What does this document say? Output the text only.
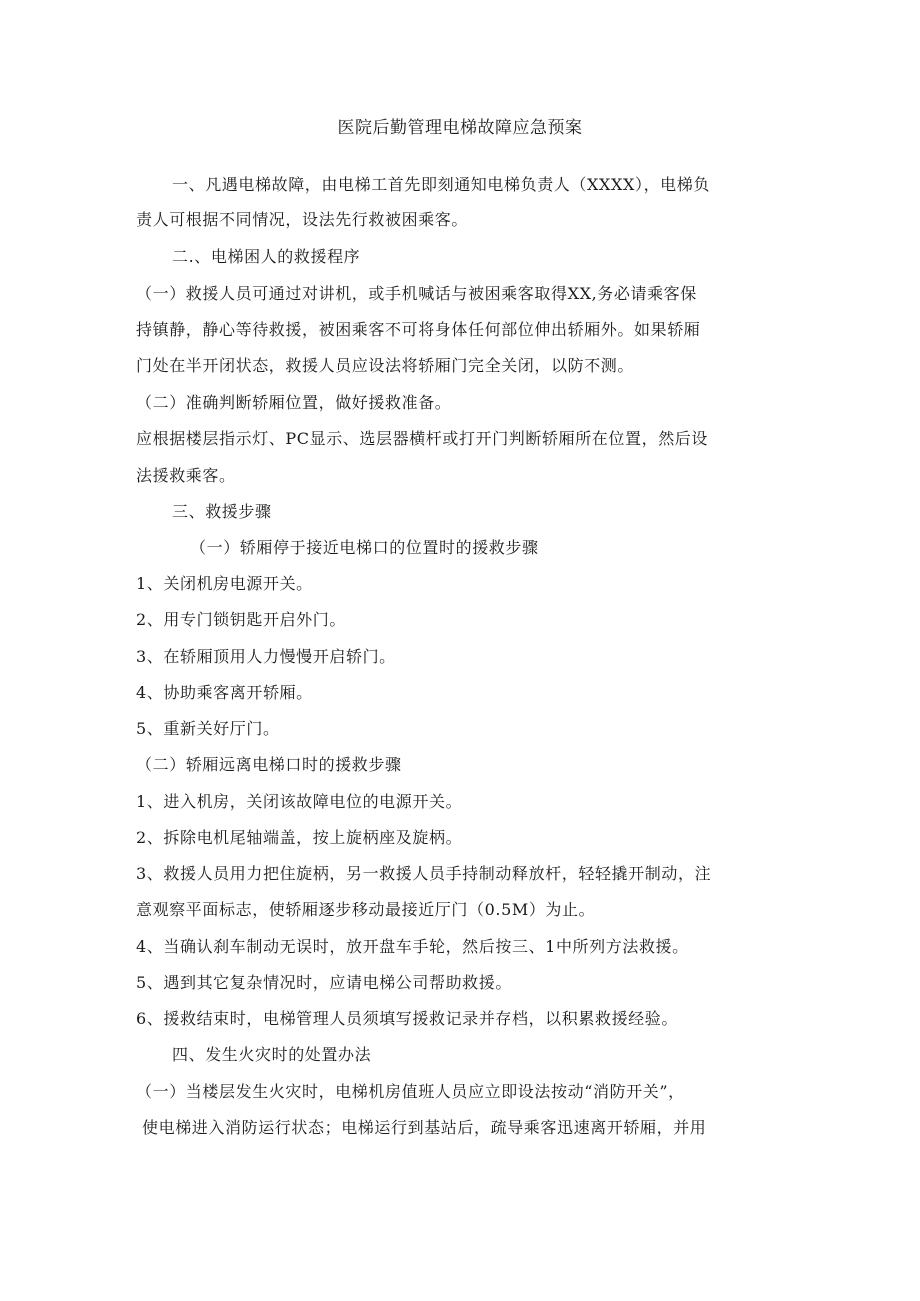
医院后勤管理电梯故障应急预案
一、凡遇电梯故障，由电梯工首先即刻通知电梯负责人（XXXX），电梯负
责人可根据不同情况，设法先行救被困乘客。
二.、电梯困人的救援程序
（一）救援人员可通过对讲机，或手机喊话与被困乘客取得XX,务必请乘客保
持镇静，静心等待救援，被困乘客不可将身体任何部位伸出轿厢外。如果轿厢
门处在半开闭状态，救援人员应设法将轿厢门完全关闭，以防不测。
（二）准确判断轿厢位置，做好援救准备。
应根据楼层指示灯、PC显示、选层器横杆或打开门判断轿厢所在位置，然后设
法援救乘客。
三、救援步骤
（一）轿厢停于接近电梯口的位置时的援救步骤
1、关闭机房电源开关。
2、用专门锁钥匙开启外门。
3、在轿厢顶用人力慢慢开启轿门。
4、协助乘客离开轿厢。
5、重新关好厅门。
（二）轿厢远离电梯口时的援救步骤
1、进入机房，关闭该故障电位的电源开关。
2、拆除电机尾轴端盖，按上旋柄座及旋柄。
3、救援人员用力把住旋柄，另一救援人员手持制动释放杆，轻轻撬开制动，注
意观察平面标志，使轿厢逐步移动最接近厅门（0.5M）为止。
4、当确认刹车制动无误时，放开盘车手轮，然后按三、1中所列方法救援。
5、遇到其它复杂情况时，应请电梯公司帮助救援。
6、援救结束时，电梯管理人员须填写援救记录并存档，以积累救援经验。
四、发生火灾时的处置办法
（一）当楼层发生火灾时，电梯机房值班人员应立即设法按动“消防开关”，
使电梯进入消防运行状态；电梯运行到基站后，疏导乘客迅速离开轿厢，并用
